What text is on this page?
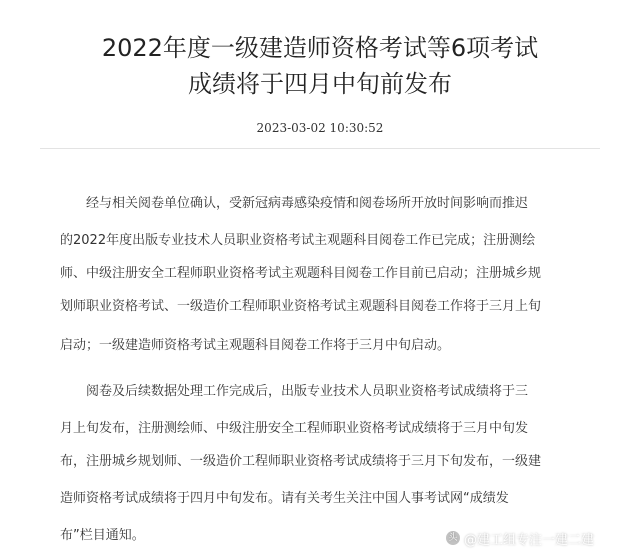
2022年度一级建造师资格考试等6项考试
成绩将于四月中旬前发布
2023-03-02 10:30:52

经与相关阅卷单位确认，受新冠病毒感染疫情和阅卷场所开放时间影响而推迟

的2022年度出版专业技术人员职业资格考试主观题科目阅卷工作已完成；注册测绘

师、中级注册安全工程师职业资格考试主观题科目阅卷工作目前已启动；注册城乡规

划师职业资格考试、一级造价工程师职业资格考试主观题科目阅卷工作将于三月上旬

启动；一级建造师资格考试主观题科目阅卷工作将于三月中旬启动。

阅卷及后续数据处理工作完成后，出版专业技术人员职业资格考试成绩将于三

月上旬发布，注册测绘师、中级注册安全工程师职业资格考试成绩将于三月中旬发

布，注册城乡规划师、一级造价工程师职业资格考试成绩将于三月下旬发布，一级建

造师资格考试成绩将于四月中旬发布。请有关考生关注中国人事考试网“成绩发

布”栏目通知。	头 @建工组专注一建二建
